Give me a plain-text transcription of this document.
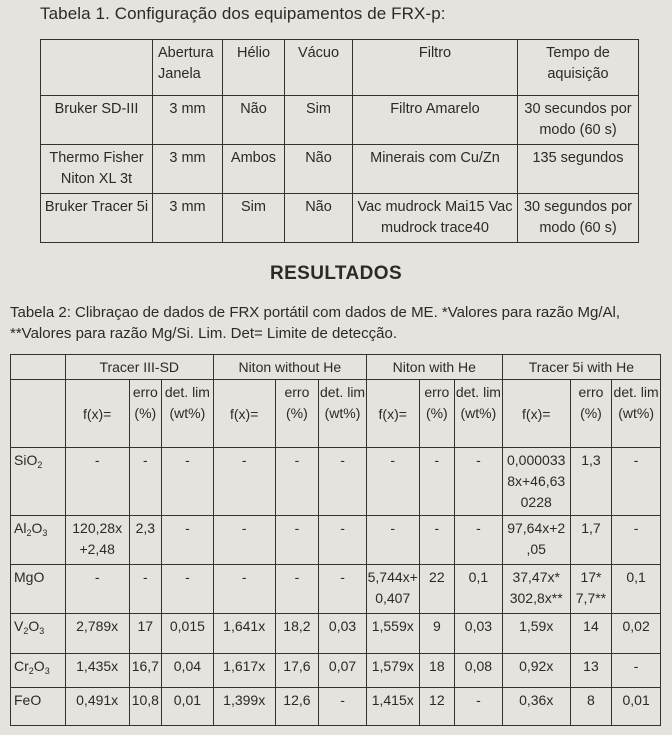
Tabela 1. Configuração dos equipamentos de FRX-p:
	Abertura Janela	Hélio	Vácuo	Filtro	Tempo de aquisição
Bruker SD-III	3 mm	Não	Sim	Filtro Amarelo	30 secundos por modo (60 s)
Thermo Fisher Niton XL 3t	3 mm	Ambos	Não	Minerais com Cu/Zn	135 segundos
Bruker Tracer 5i	3 mm	Sim	Não	Vac mudrock Mai15 Vac mudrock trace40	30 segundos por modo (60 s)
RESULTADOS
Tabela 2: Clibraçao de dados de FRX portátil com dados de ME. *Valores para razão Mg/Al, **Valores para razão Mg/Si. Lim. Det= Limite de detecção.
	Tracer III-SD			Niton without He			Niton with He			Tracer 5i with He		
	f(x)=	erro (%)	det. lim (wt%)	f(x)=	erro (%)	det. lim (wt%)	f(x)=	erro (%)	det. lim (wt%)	f(x)=	erro (%)	det. lim (wt%)
SiO$_2$	-	-	-	-	-	-	-	-	-	0,000033 8x+46,63 0228	1,3	-
$Al_2O_3$	120,28x +2,48	2,3	-	-	-	-	-	-	-	97,64x+2 ,05	1,7	-
MgO	-	-	-	-	-	-	5,744x+ 0,407	22	0,1	37,47x* 302,8x**	17* 7,7**	0,1
$V_2O_3$	2,789x	17	0,015	1,641x	18,2	0,03	1,559x	9	0,03	1,59x	14	0,02
$Cr_2O_3$	1,435x	16,7	0,04	1,617x	17,6	0,07	1,579x	18	0,08	0,92x	13	-
FeO	0,491x	10,8	0,01	1,399x	12,6	-	1,415x	12	-	0,36x	8	0,01
